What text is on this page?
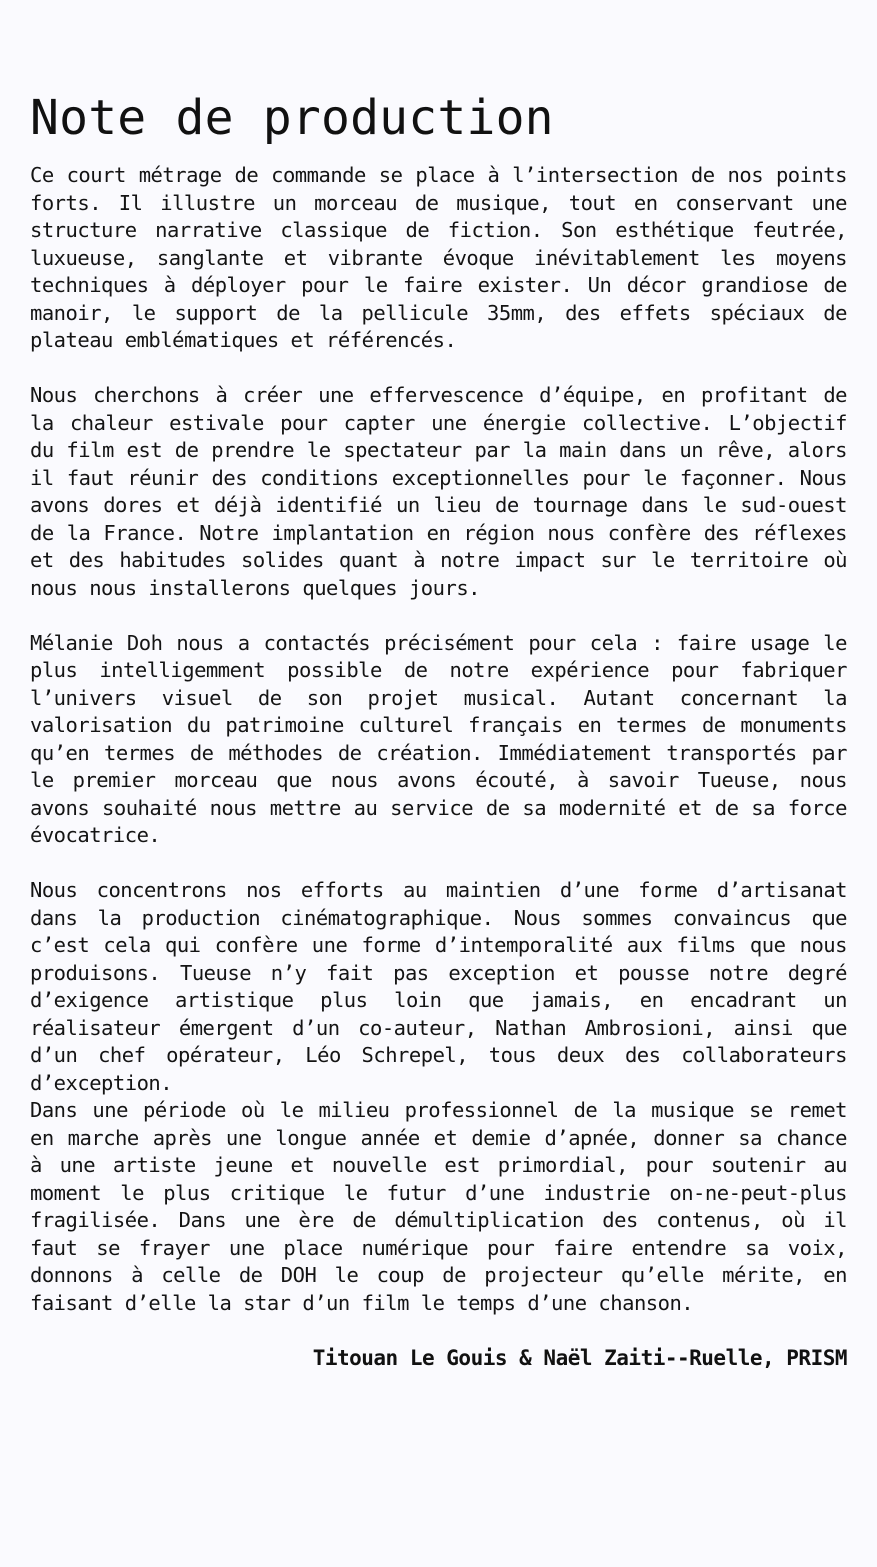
Note de production

Ce court métrage de commande se place à l’intersection de nos points forts. Il illustre un morceau de musique, tout en conservant une structure narrative classique de fiction. Son esthétique feutrée, luxueuse, sanglante et vibrante évoque inévitablement les moyens techniques à déployer pour le faire exister. Un décor grandiose de manoir, le support de la pellicule 35mm, des effets spéciaux de plateau emblématiques et référencés.

Nous cherchons à créer une effervescence d’équipe, en profitant de la chaleur estivale pour capter une énergie collective. L’objectif du film est de prendre le spectateur par la main dans un rêve, alors il faut réunir des conditions exceptionnelles pour le façonner. Nous avons dores et déjà identifié un lieu de tournage dans le sud-ouest de la France. Notre implantation en région nous confère des réflexes et des habitudes solides quant à notre impact sur le territoire où nous nous installerons quelques jours.

Mélanie Doh nous a contactés précisément pour cela : faire usage le plus intelligemment possible de notre expérience pour fabriquer l’univers visuel de son projet musical. Autant concernant la valorisation du patrimoine culturel français en termes de monuments qu’en termes de méthodes de création. Immédiatement transportés par le premier morceau que nous avons écouté, à savoir Tueuse, nous avons souhaité nous mettre au service de sa modernité et de sa force évocatrice.

Nous concentrons nos efforts au maintien d’une forme d’artisanat dans la production cinématographique. Nous sommes convaincus que c’est cela qui confère une forme d’intemporalité aux films que nous produisons. Tueuse n’y fait pas exception et pousse notre degré d’exigence artistique plus loin que jamais, en encadrant un réalisateur émergent d’un co-auteur, Nathan Ambrosioni, ainsi que d’un chef opérateur, Léo Schrepel, tous deux des collaborateurs d’exception.

Dans une période où le milieu professionnel de la musique se remet en marche après une longue année et demie d’apnée, donner sa chance à une artiste jeune et nouvelle est primordial, pour soutenir au moment le plus critique le futur d’une industrie on-ne-peut-plus fragilisée. Dans une ère de démultiplication des contenus, où il faut se frayer une place numérique pour faire entendre sa voix, donnons à celle de DOH le coup de projecteur qu’elle mérite, en faisant d’elle la star d’un film le temps d’une chanson.

Titouan Le Gouis & Naël Zaiti--Ruelle, PRISM
